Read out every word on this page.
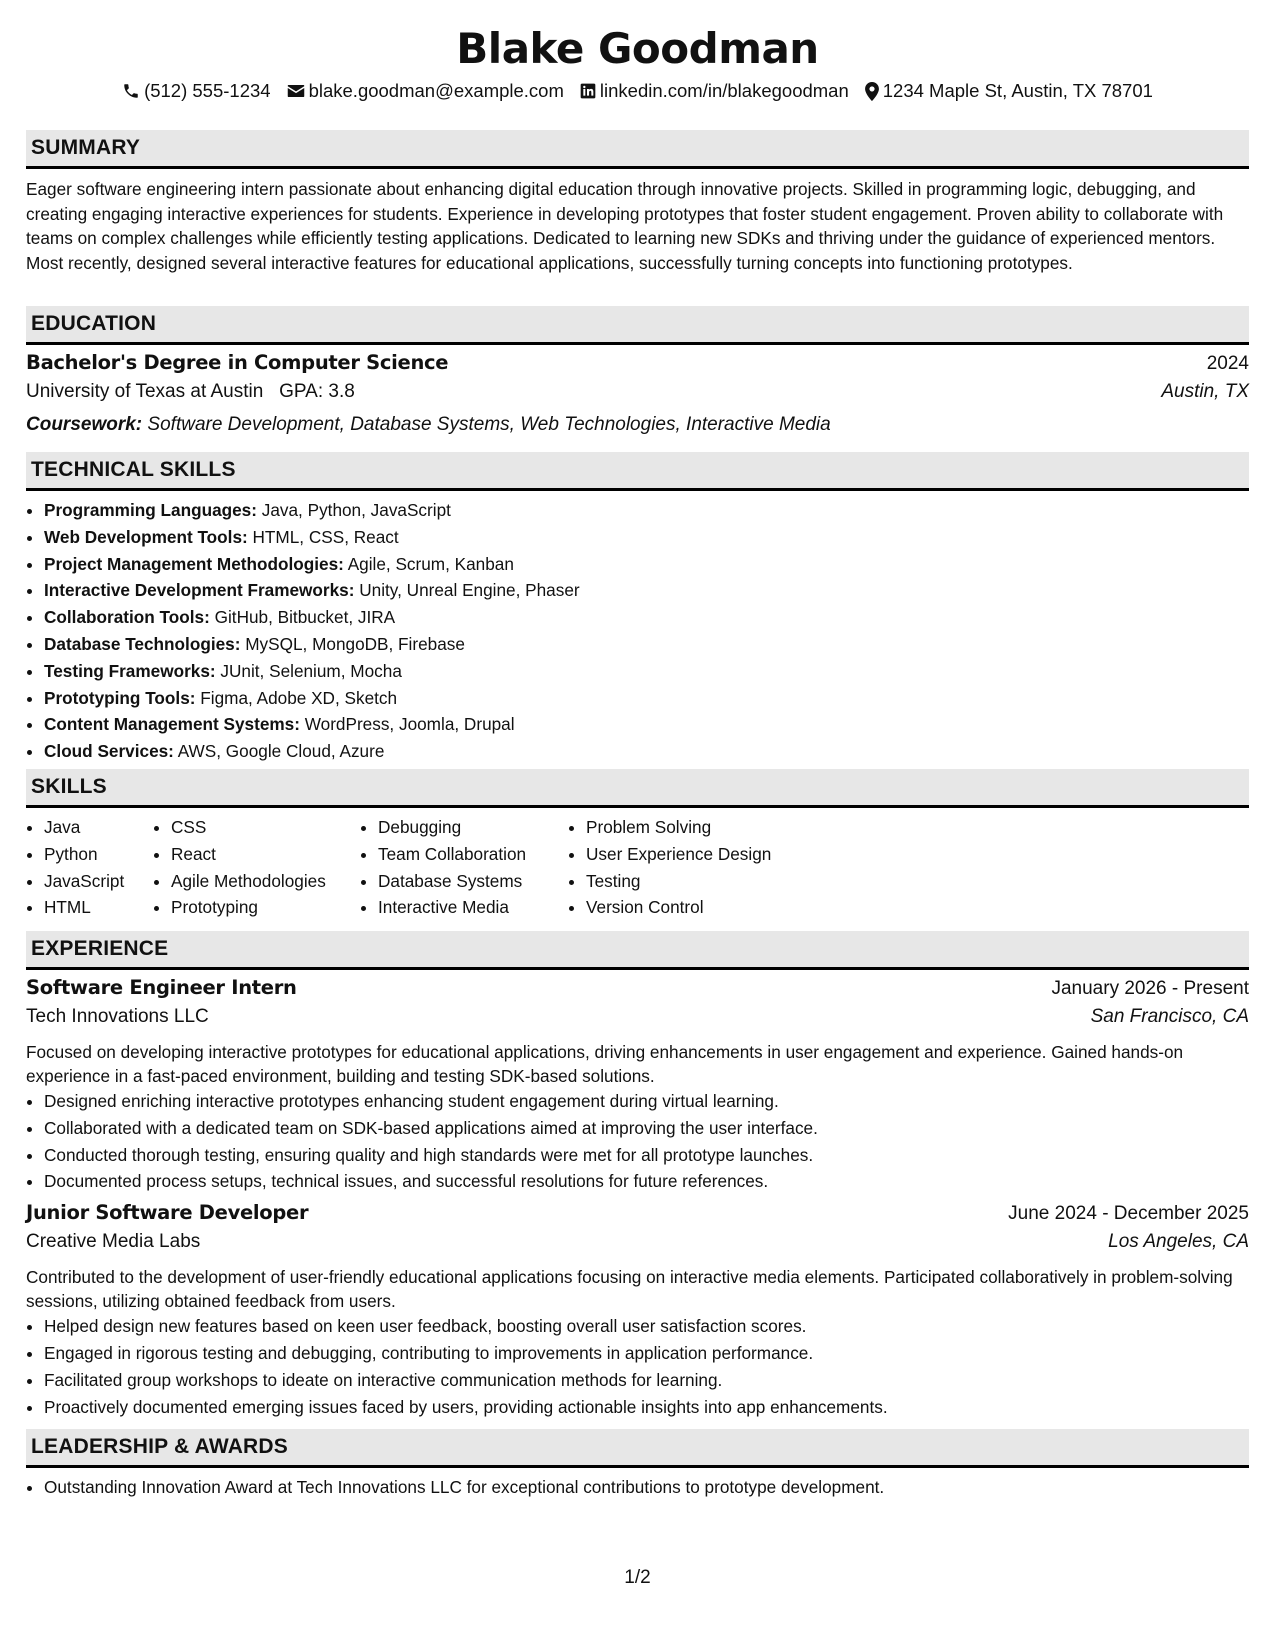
Blake Goodman
(512) 555-1234 blake.goodman@example.com linkedin.com/in/blakegoodman 1234 Maple St, Austin, TX 78701
SUMMARY

Eager software engineering intern passionate about enhancing digital education through innovative projects. Skilled in programming logic, debugging, and creating engaging interactive experiences for students. Experience in developing prototypes that foster student engagement. Proven ability to collaborate with teams on complex challenges while efficiently testing applications. Dedicated to learning new SDKs and thriving under the guidance of experienced mentors. Most recently, designed several interactive features for educational applications, successfully turning concepts into functioning prototypes.

EDUCATION
Bachelor's Degree in Computer Science	2024
University of Texas at Austin GPA: 3.8	Austin, TX
Coursework: Software Development, Database Systems, Web Technologies, Interactive Media
TECHNICAL SKILLS
• Programming Languages: Java, Python, JavaScript
• Web Development Tools: HTML, CSS, React
• Project Management Methodologies: Agile, Scrum, Kanban
• Interactive Development Frameworks: Unity, Unreal Engine, Phaser
• Collaboration Tools: GitHub, Bitbucket, JIRA
• Database Technologies: MySQL, MongoDB, Firebase
• Testing Frameworks: JUnit, Selenium, Mocha
• Prototyping Tools: Figma, Adobe XD, Sketch
• Content Management Systems: WordPress, Joomla, Drupal
• Cloud Services: AWS, Google Cloud, Azure
SKILLS
• Java
• Python
• JavaScript
• HTML
• CSS
• React
• Agile Methodologies
• Prototyping
• Debugging
• Team Collaboration
• Database Systems
• Interactive Media
• Problem Solving
• User Experience Design
• Testing
• Version Control
EXPERIENCE
Software Engineer Intern	January 2026 - Present
Tech Innovations LLC	San Francisco, CA

Focused on developing interactive prototypes for educational applications, driving enhancements in user engagement and experience. Gained hands-on experience in a fast-paced environment, building and testing SDK-based solutions.

• Designed enriching interactive prototypes enhancing student engagement during virtual learning.
• Collaborated with a dedicated team on SDK-based applications aimed at improving the user interface.
• Conducted thorough testing, ensuring quality and high standards were met for all prototype launches.
• Documented process setups, technical issues, and successful resolutions for future references.
Junior Software Developer	June 2024 - December 2025
Creative Media Labs	Los Angeles, CA

Contributed to the development of user-friendly educational applications focusing on interactive media elements. Participated collaboratively in problem-solving sessions, utilizing obtained feedback from users.

• Helped design new features based on keen user feedback, boosting overall user satisfaction scores.
• Engaged in rigorous testing and debugging, contributing to improvements in application performance.
• Facilitated group workshops to ideate on interactive communication methods for learning.
• Proactively documented emerging issues faced by users, providing actionable insights into app enhancements.
LEADERSHIP & AWARDS
• Outstanding Innovation Award at Tech Innovations LLC for exceptional contributions to prototype development.
1/2
